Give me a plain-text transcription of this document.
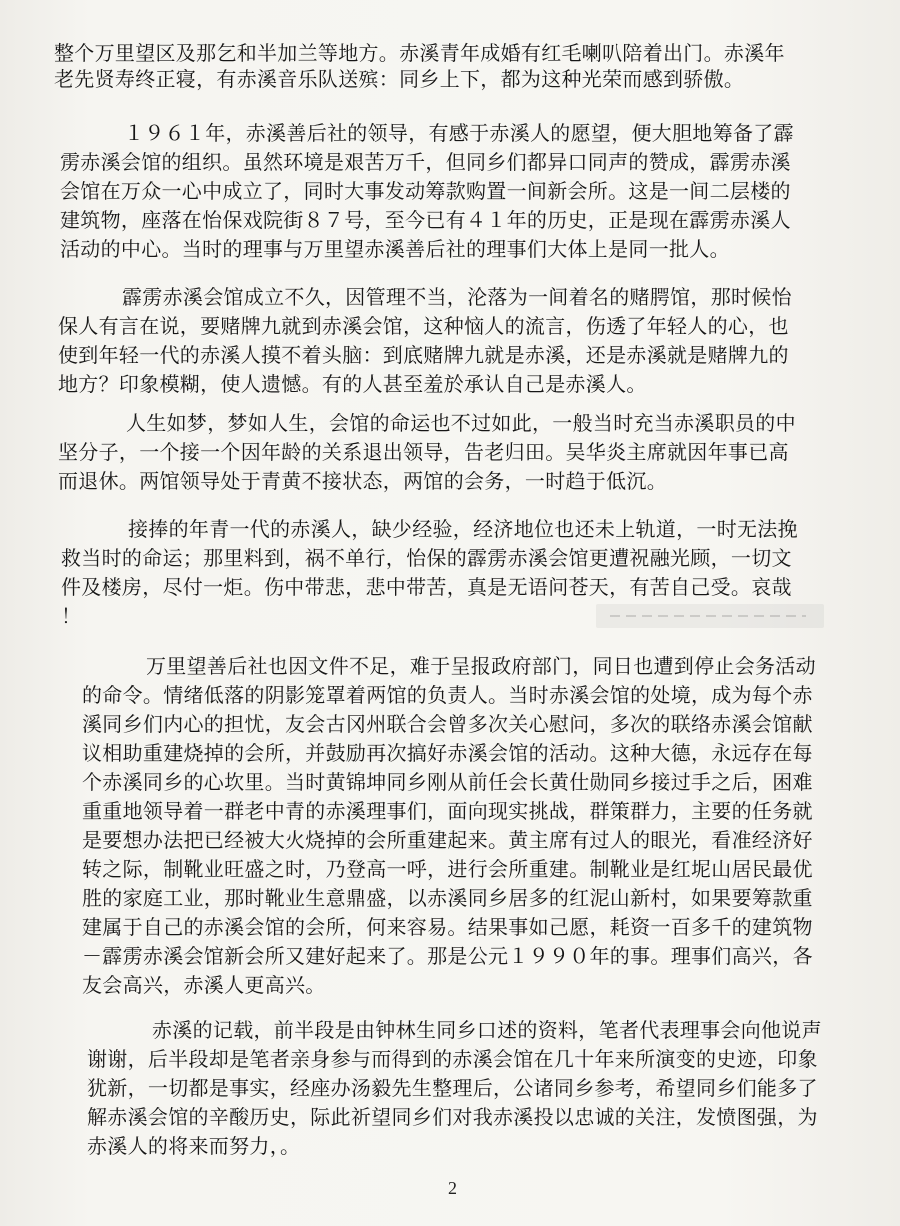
整个万里望区及那乞和半加兰等地方。赤溪青年成婚有红毛喇叭陪着出门。赤溪年
老先贤寿终正寝，有赤溪音乐队送殡：同乡上下，都为这种光荣而感到骄傲。
１９６１年，赤溪善后社的领导，有感于赤溪人的愿望，便大胆地筹备了霹
雳赤溪会馆的组织。虽然环境是艰苦万千，但同乡们都异口同声的赞成，霹雳赤溪
会馆在万众一心中成立了，同时大事发动筹款购置一间新会所。这是一间二层楼的
建筑物，座落在怡保戏院街８７号，至今已有４１年的历史，正是现在霹雳赤溪人
活动的中心。当时的理事与万里望赤溪善后社的理事们大体上是同一批人。
霹雳赤溪会馆成立不久，因管理不当，沦落为一间着名的赌腭馆，那时候怡
保人有言在说，要赌牌九就到赤溪会馆，这种恼人的流言，伤透了年轻人的心，也
使到年轻一代的赤溪人摸不着头脑：到底赌牌九就是赤溪，还是赤溪就是赌牌九的
地方？印象模糊，使人遗憾。有的人甚至羞於承认自己是赤溪人。
人生如梦，梦如人生，会馆的命运也不过如此，一般当时充当赤溪职员的中
坚分子，一个接一个因年龄的关系退出领导，告老归田。吴华炎主席就因年事已高
而退休。两馆领导处于青黄不接状态，两馆的会务，一时趋于低沉。
接捧的年青一代的赤溪人，缺少经验，经济地位也还未上轨道，一时无法挽
救当时的命运；那里料到，祸不单行，怡保的霹雳赤溪会馆更遭祝融光顾，一切文
件及楼房，尽付一炬。伤中带悲，悲中带苦，真是无语问苍天，有苦自己受。哀哉
！
万里望善后社也因文件不足，难于呈报政府部门，同日也遭到停止会务活动
的命令。情绪低落的阴影笼罩着两馆的负责人。当时赤溪会馆的处境，成为每个赤
溪同乡们内心的担忧，友会古冈州联合会曾多次关心慰问，多次的联络赤溪会馆献
议相助重建烧掉的会所，并鼓励再次搞好赤溪会馆的活动。这种大德，永远存在每
个赤溪同乡的心坎里。当时黄锦坤同乡刚从前任会长黄仕勋同乡接过手之后，困难
重重地领导着一群老中青的赤溪理事们，面向现实挑战，群策群力，主要的任务就
是要想办法把已经被大火烧掉的会所重建起来。黄主席有过人的眼光，看准经济好
转之际，制靴业旺盛之时，乃登高一呼，进行会所重建。制靴业是红坭山居民最优
胜的家庭工业，那时靴业生意鼎盛，以赤溪同乡居多的红泥山新村，如果要筹款重
建属于自己的赤溪会馆的会所，何来容易。结果事如己愿，耗资一百多千的建筑物
－霹雳赤溪会馆新会所又建好起来了。那是公元１９９０年的事。理事们高兴，各
友会高兴，赤溪人更高兴。
赤溪的记载，前半段是由钟林生同乡口述的资料，笔者代表理事会向他说声
谢谢，后半段却是笔者亲身参与而得到的赤溪会馆在几十年来所演变的史迹，印象
犹新，一切都是事实，经座办汤毅先生整理后，公诸同乡参考，希望同乡们能多了
解赤溪会馆的辛酸历史，际此祈望同乡们对我赤溪投以忠诚的关注，发愤图强，为
赤溪人的将来而努力，。
2
